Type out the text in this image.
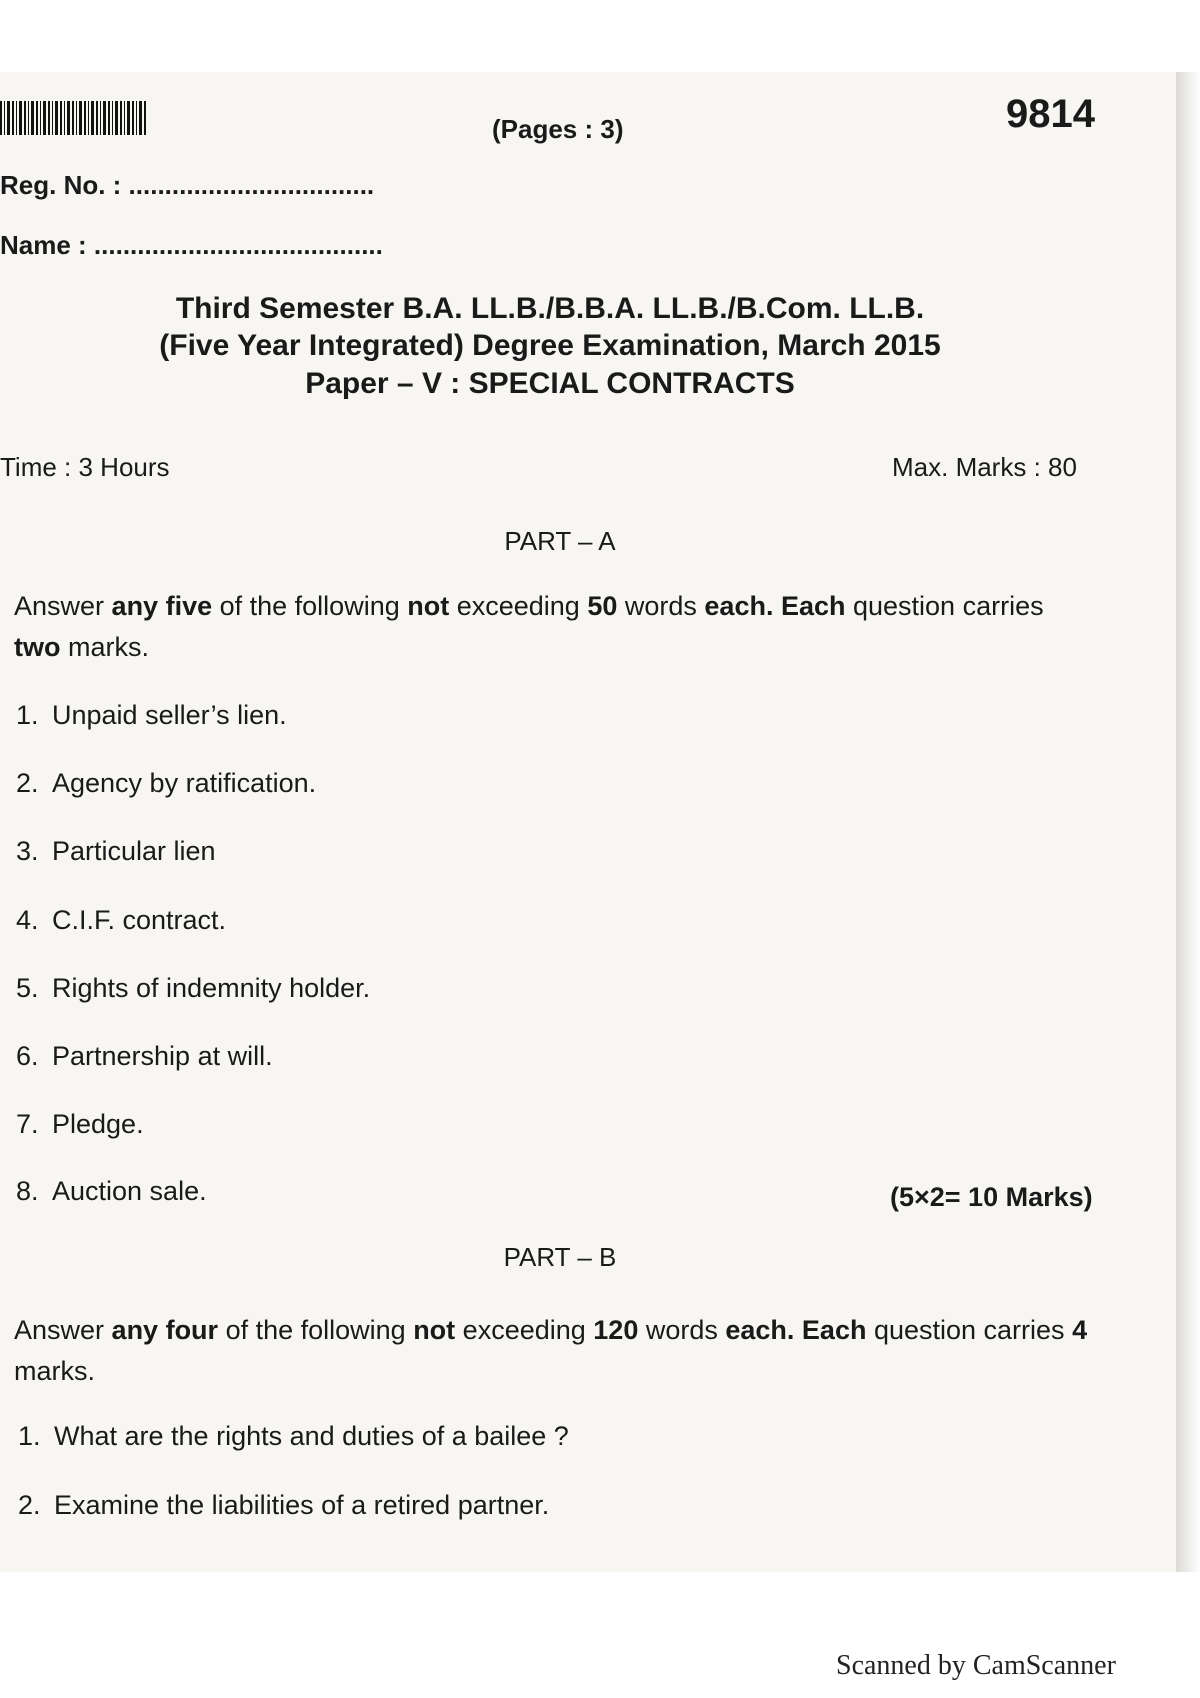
(Pages : 3)	9814
Reg. No. : ..................................
Name : ........................................
Third Semester B.A. LL.B./B.B.A. LL.B./B.Com. LL.B.
(Five Year Integrated) Degree Examination, March 2015
Paper – V : SPECIAL CONTRACTS
Time : 3 Hours	Max. Marks : 80
PART – A
Answer any five of the following not exceeding 50 words each. Each question carries
two marks.
1. Unpaid seller’s lien.
2. Agency by ratification.
3. Particular lien
4. C.I.F. contract.
5. Rights of indemnity holder.
6. Partnership at will.
7. Pledge.
8. Auction sale.	(5×2= 10 Marks)
PART – B
Answer any four of the following not exceeding 120 words each. Each question carries 4 marks.
1. What are the rights and duties of a bailee ?
2. Examine the liabilities of a retired partner.
Scanned by CamScanner
